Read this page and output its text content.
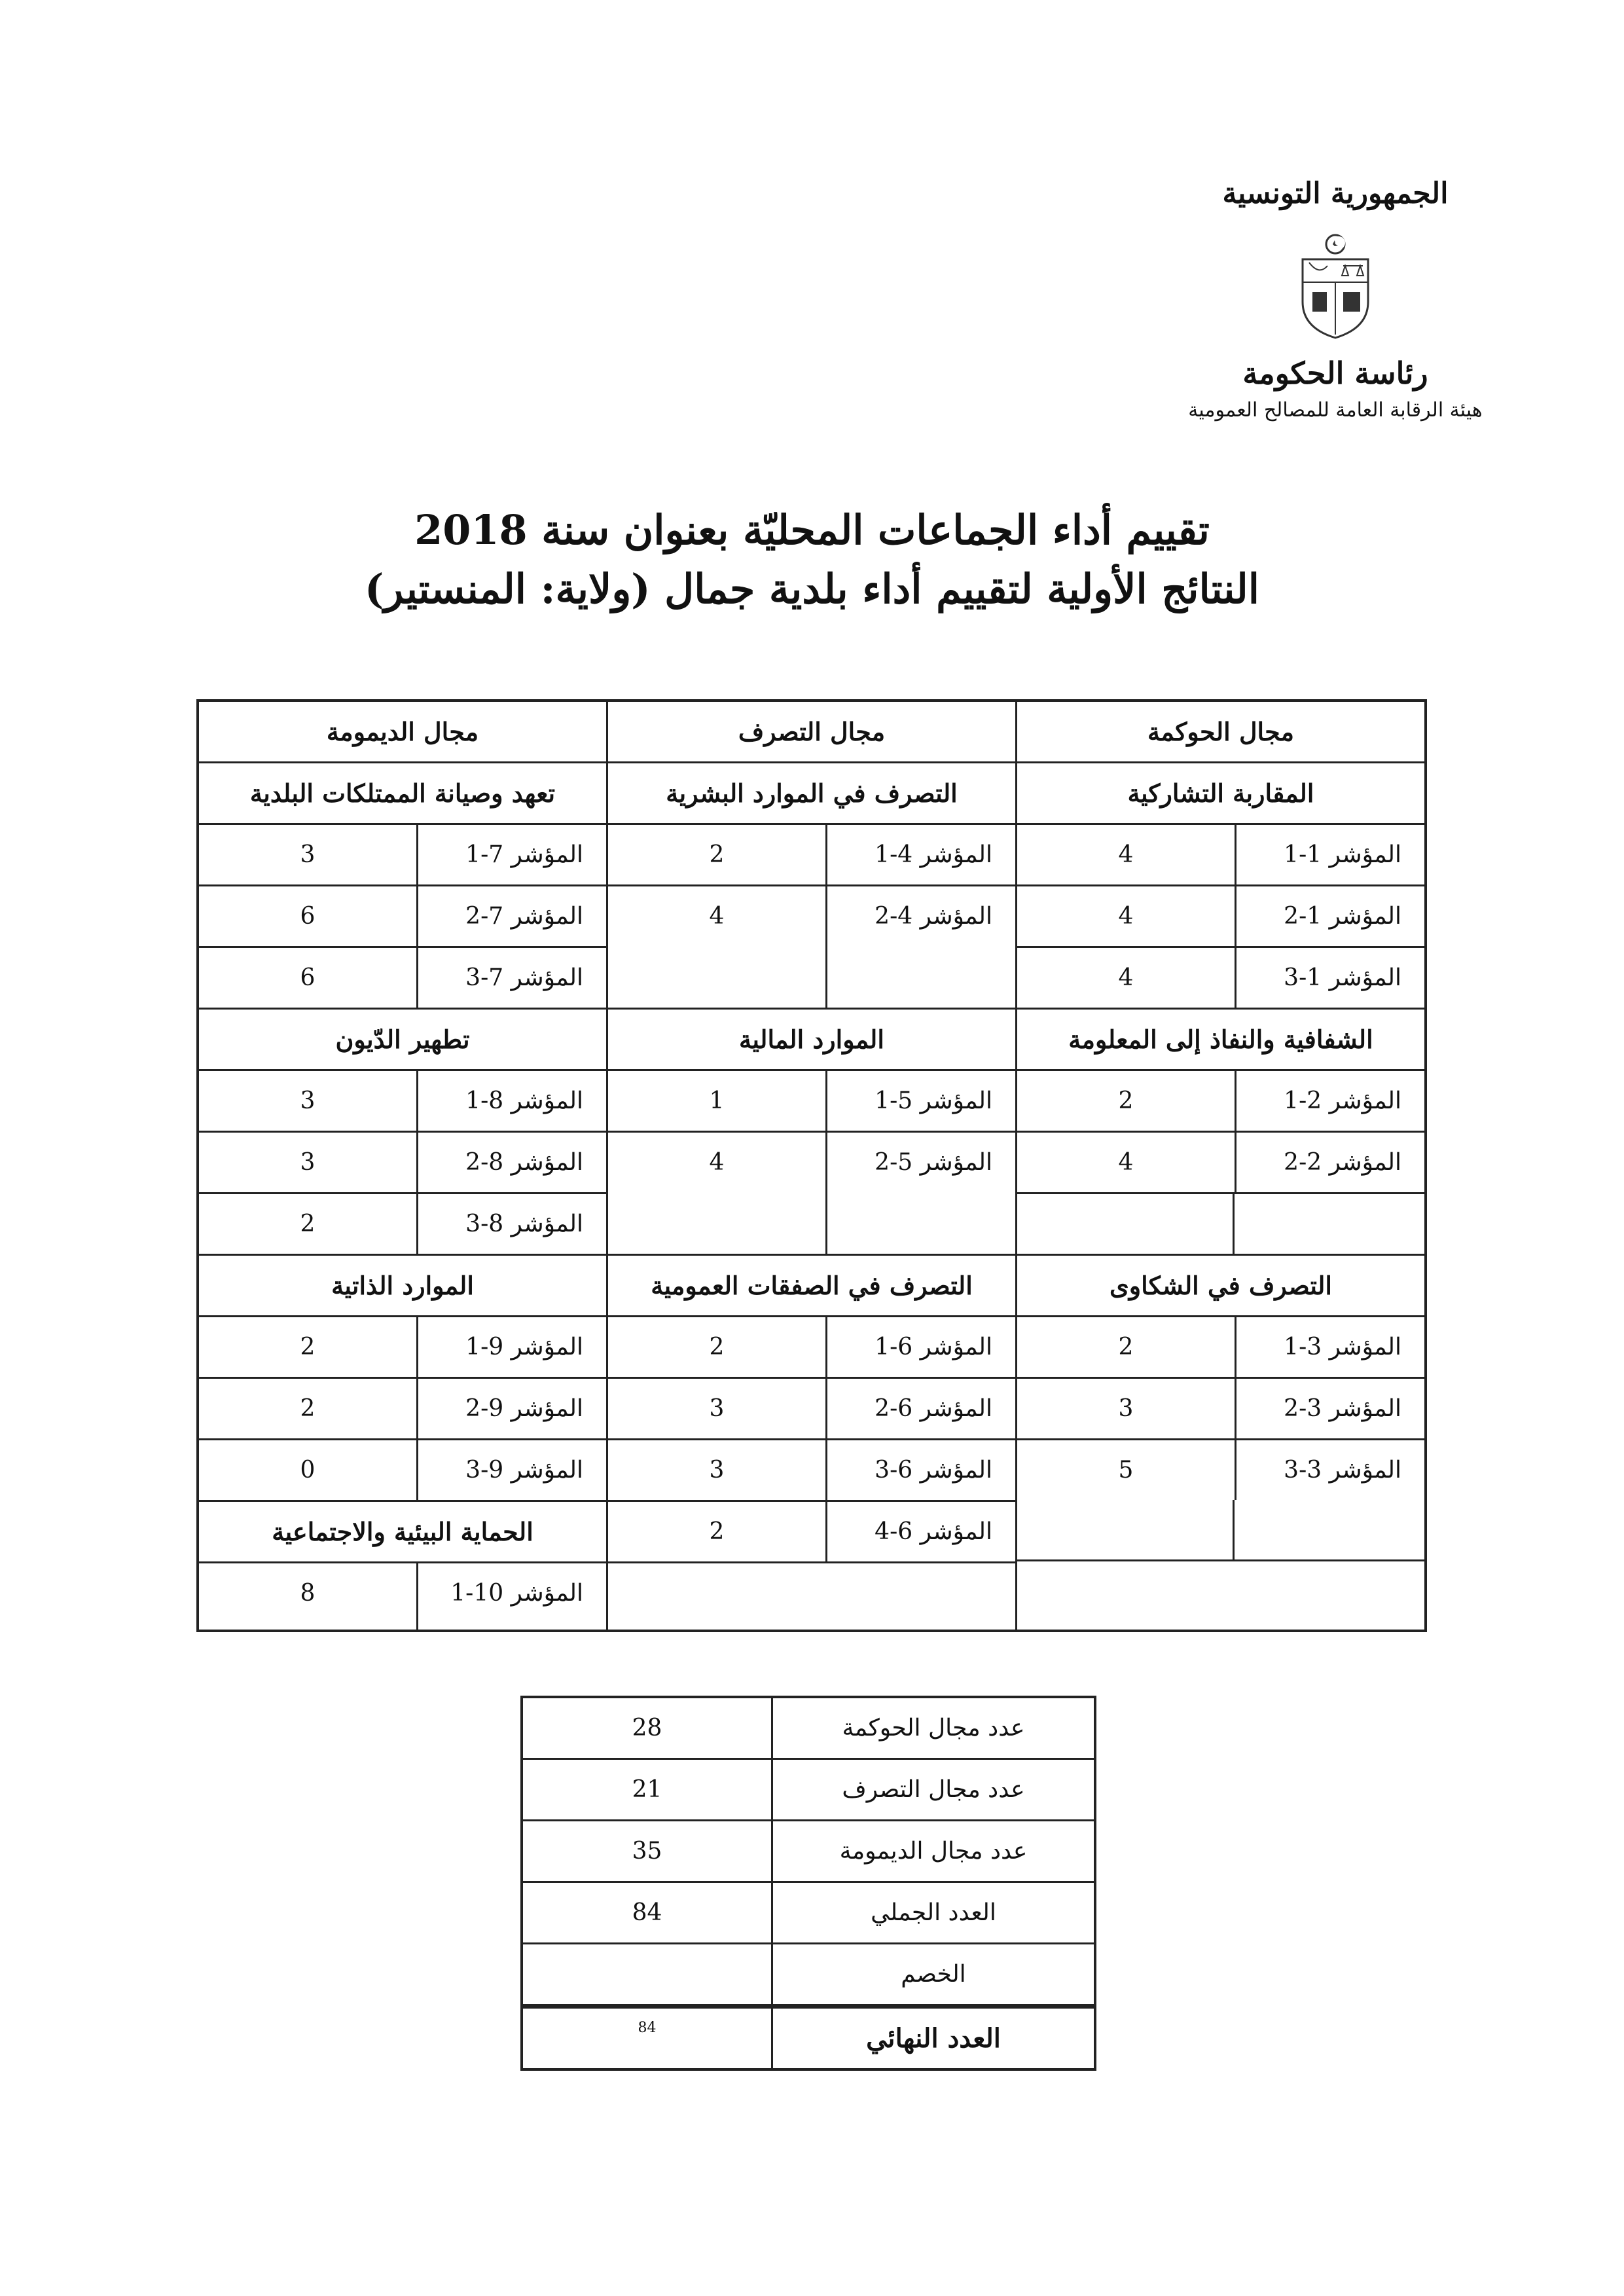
الجمهورية التونسية
رئاسة الحكومة
هيئة الرقابة العامة للمصالح العمومية
تقييم أداء الجماعات المحليّة بعنوان سنة 2018
النتائج الأولية لتقييم أداء بلدية جمال (ولاية: المنستير)
مجال الحوكمة
المقاربة التشاركية
المؤشر 1-1
4
المؤشر 1-2
4
المؤشر 1-3
4
الشفافية والنفاذ إلى المعلومة
المؤشر 2-1
2
المؤشر 2-2
4
التصرف في الشكاوى
المؤشر 3-1
2
المؤشر 3-2
3
المؤشر 3-3
5
مجال التصرف
التصرف في الموارد البشرية
المؤشر 4-1
2
المؤشر 4-2
4
الموارد المالية
المؤشر 5-1
1
المؤشر 5-2
4
التصرف في الصفقات العمومية
المؤشر 6-1
2
المؤشر 6-2
3
المؤشر 6-3
3
المؤشر 6-4
2
مجال الديمومة
تعهد وصيانة الممتلكات البلدية
المؤشر 7-1
3
المؤشر 7-2
6
المؤشر 7-3
6
تطهير الدّيون
المؤشر 8-1
3
المؤشر 8-2
3
المؤشر 8-3
2
الموارد الذاتية
المؤشر 9-1
2
المؤشر 9-2
2
المؤشر 9-3
0
الحماية البيئية والاجتماعية
المؤشر 10-1
8
عدد مجال الحوكمة
28
عدد مجال التصرف
21
عدد مجال الديمومة
35
العدد الجملي
84
الخصم
العدد النهائي
84
